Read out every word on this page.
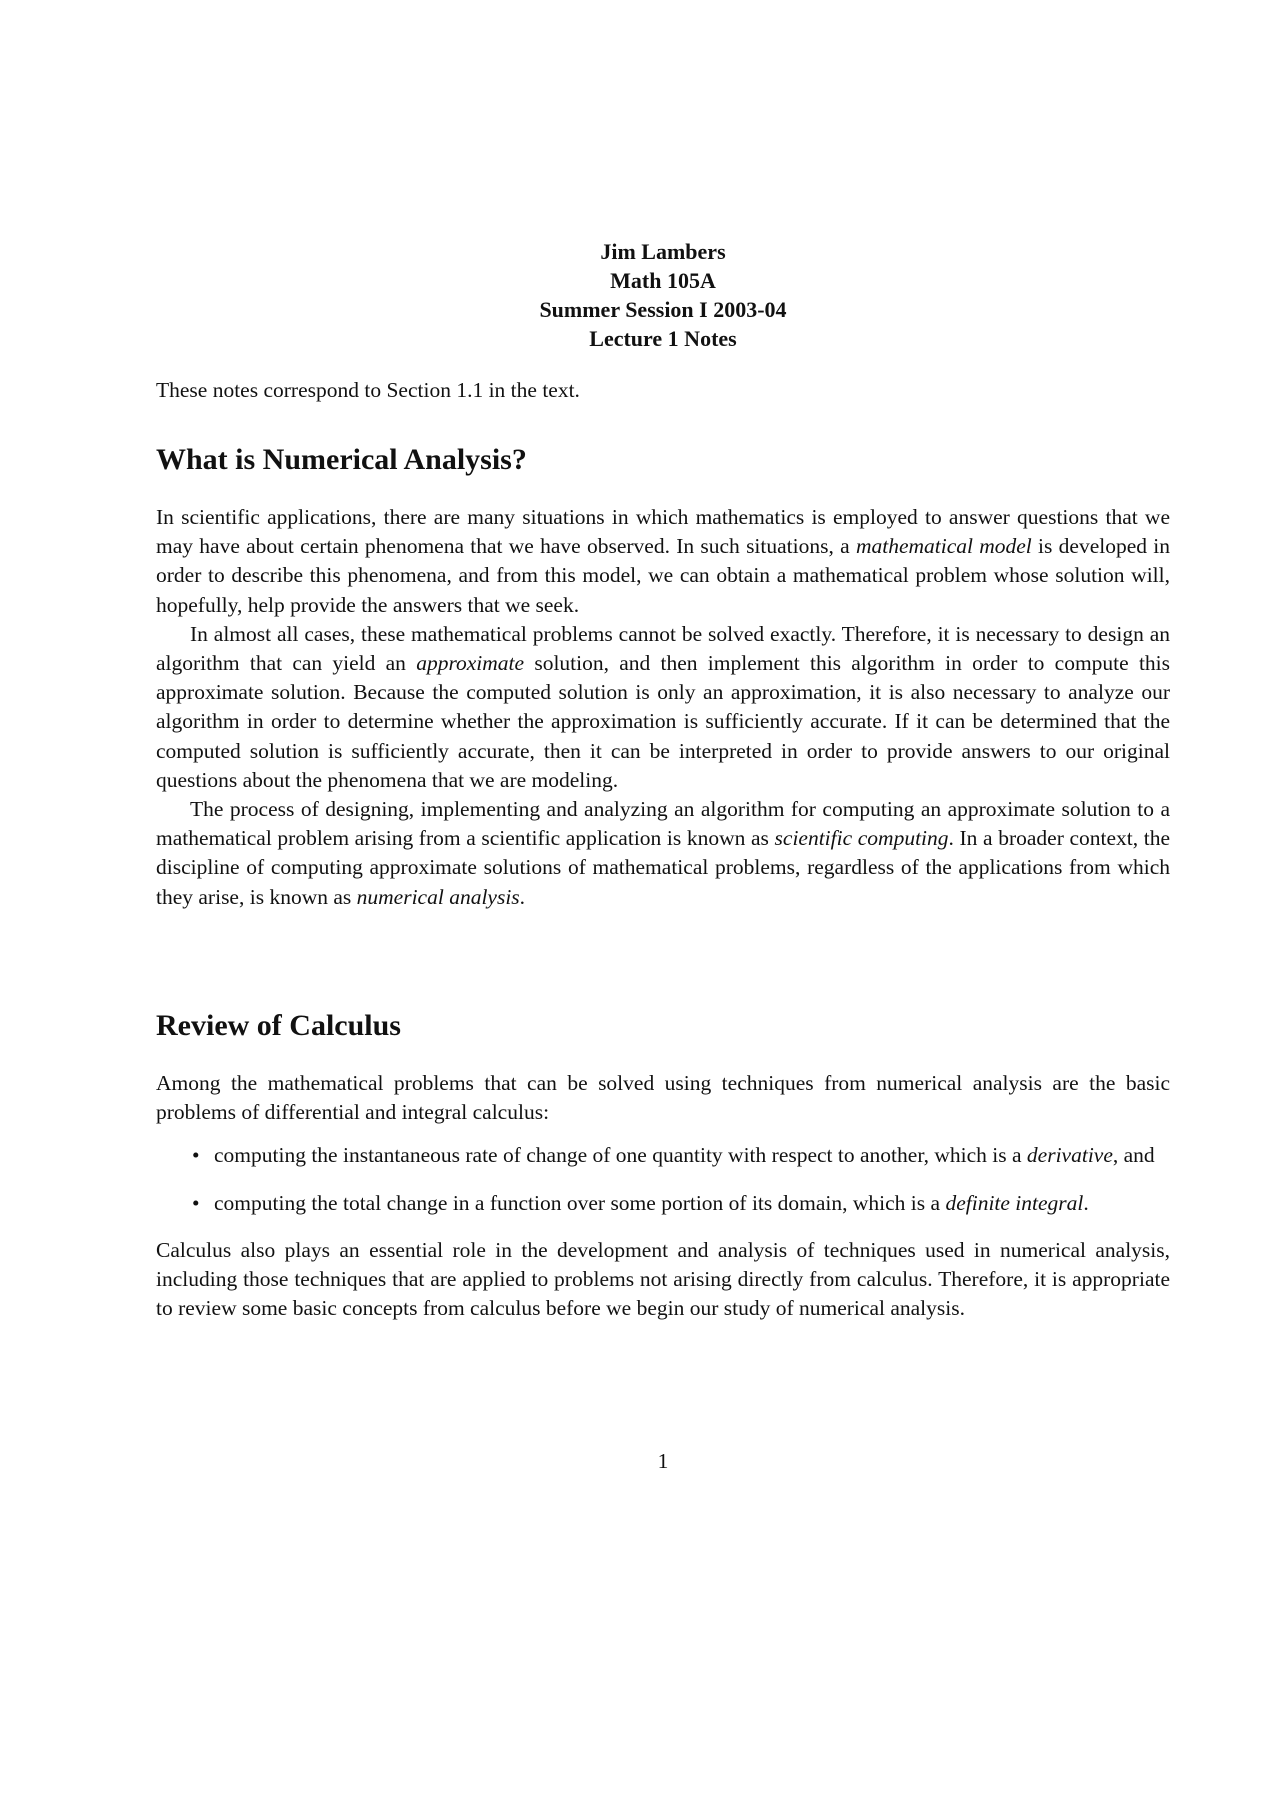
Jim Lambers
Math 105A
Summer Session I 2003-04
Lecture 1 Notes

These notes correspond to Section 1.1 in the text.

What is Numerical Analysis?

In scientific applications, there are many situations in which mathematics is employed to answer questions that we may have about certain phenomena that we have observed. In such situations, a mathematical model is developed in order to describe this phenomena, and from this model, we can obtain a mathematical problem whose solution will, hopefully, help provide the answers that we seek.

In almost all cases, these mathematical problems cannot be solved exactly. Therefore, it is necessary to design an algorithm that can yield an approximate solution, and then implement this algorithm in order to compute this approximate solution. Because the computed solution is only an approximation, it is also necessary to analyze our algorithm in order to determine whether the approximation is sufficiently accurate. If it can be determined that the computed solution is sufficiently accurate, then it can be interpreted in order to provide answers to our original questions about the phenomena that we are modeling.

The process of designing, implementing and analyzing an algorithm for computing an approximate solution to a mathematical problem arising from a scientific application is known as scientific computing. In a broader context, the discipline of computing approximate solutions of mathematical problems, regardless of the applications from which they arise, is known as numerical analysis.

Review of Calculus

Among the mathematical problems that can be solved using techniques from numerical analysis are the basic problems of differential and integral calculus:

• computing the instantaneous rate of change of one quantity with respect to another, which is a derivative, and
• computing the total change in a function over some portion of its domain, which is a definite integral.

Calculus also plays an essential role in the development and analysis of techniques used in numerical analysis, including those techniques that are applied to problems not arising directly from calculus. Therefore, it is appropriate to review some basic concepts from calculus before we begin our study of numerical analysis.

1
